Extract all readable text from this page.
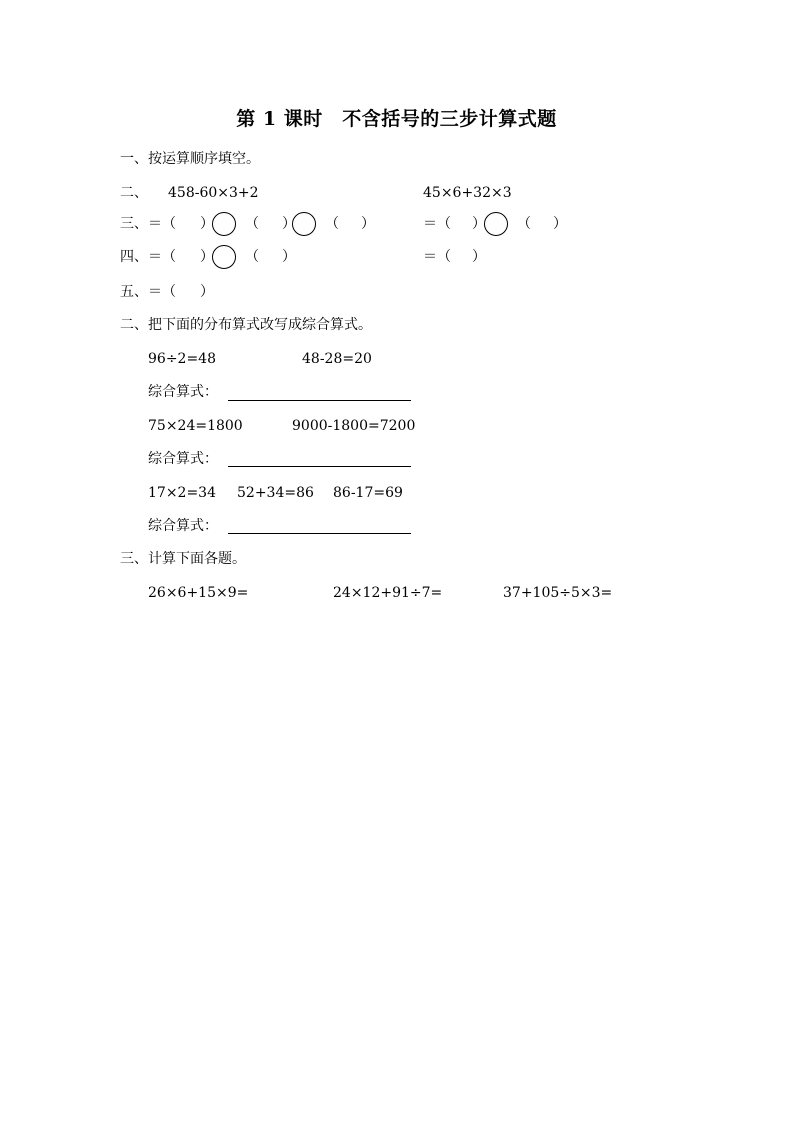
第 1 课时　不含括号的三步计算式题
一、按运算顺序填空。
二、 458-60×3+2	45×6+32×3
三、＝（ ） （ ） （ ）	＝（ ） （ ）
四、＝（ ） （ ）	＝（ ）
五、＝（ ）
二、把下面的分布算式改写成综合算式。
96÷2=48	48-28=20
综合算式：
75×24=1800	9000-1800=7200
综合算式：
17×2=34 52+34=86 86-17=69
综合算式：
三、计算下面各题。
26×6+15×9=	24×12+91÷7=	37+105÷5×3=
